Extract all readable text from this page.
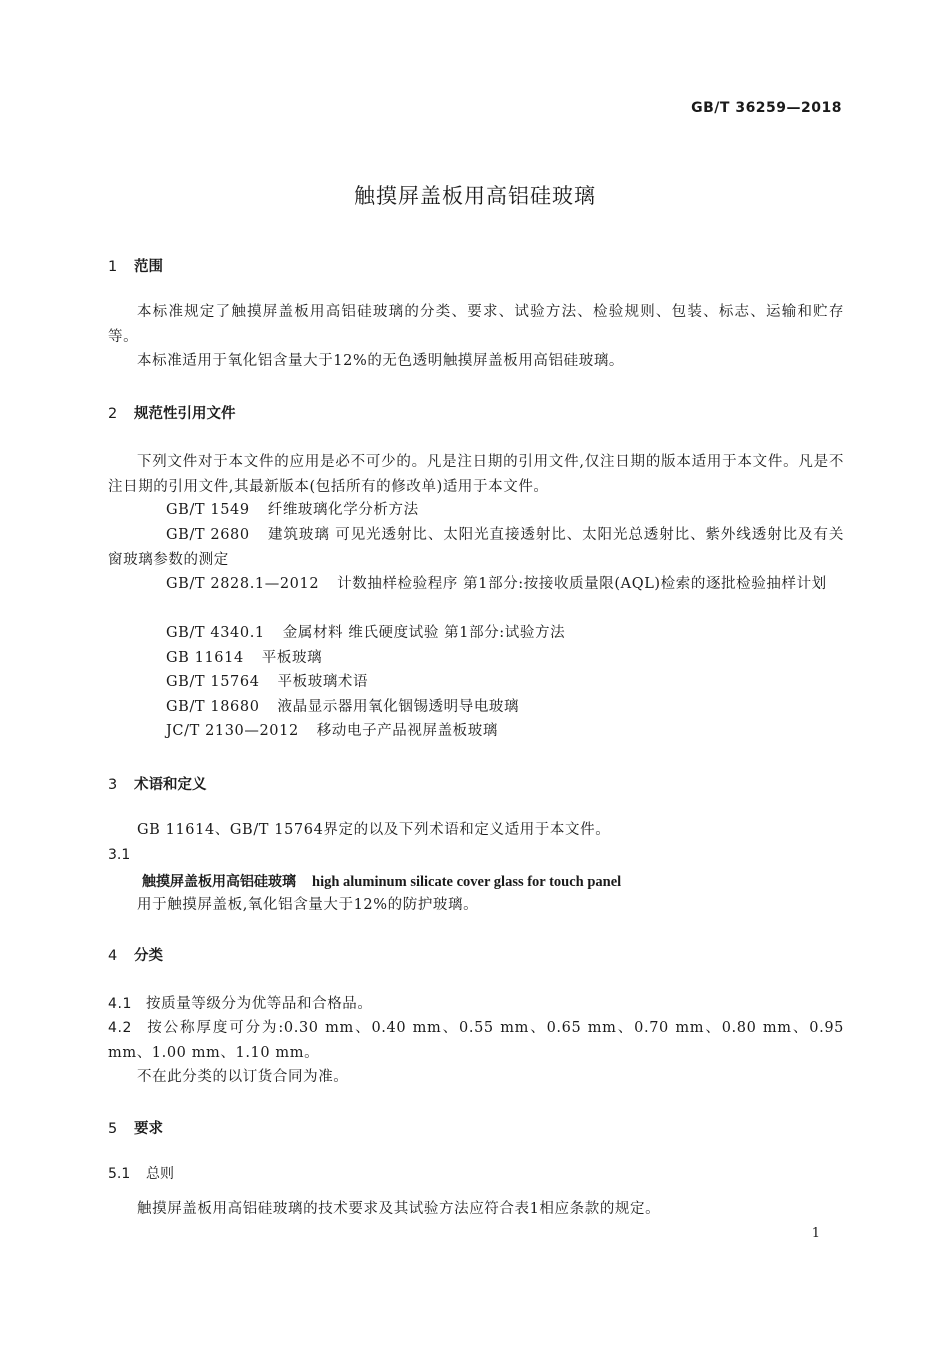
GB/T 36259—2018
触摸屏盖板用高铝硅玻璃
1 范围
本标准规定了触摸屏盖板用高铝硅玻璃的分类、要求、试验方法、检验规则、包装、标志、运输和贮存等。
本标准适用于氧化铝含量大于12%的无色透明触摸屏盖板用高铝硅玻璃。
2 规范性引用文件
下列文件对于本文件的应用是必不可少的。凡是注日期的引用文件,仅注日期的版本适用于本文件。凡是不注日期的引用文件,其最新版本(包括所有的修改单)适用于本文件。
GB/T 1549 纤维玻璃化学分析方法
GB/T 2680 建筑玻璃 可见光透射比、太阳光直接透射比、太阳光总透射比、紫外线透射比及有关窗玻璃参数的测定
GB/T 2828.1—2012 计数抽样检验程序 第1部分:按接收质量限(AQL)检索的逐批检验抽样计划
GB/T 4340.1 金属材料 维氏硬度试验 第1部分:试验方法
GB 11614 平板玻璃
GB/T 15764 平板玻璃术语
GB/T 18680 液晶显示器用氧化铟锡透明导电玻璃
JC/T 2130—2012 移动电子产品视屏盖板玻璃
3 术语和定义
GB 11614、GB/T 15764界定的以及下列术语和定义适用于本文件。
3.1
触摸屏盖板用高铝硅玻璃 high aluminum silicate cover glass for touch panel
用于触摸屏盖板,氧化铝含量大于12%的防护玻璃。
4 分类
4.1 按质量等级分为优等品和合格品。
4.2 按公称厚度可分为:0.30 mm、0.40 mm、0.55 mm、0.65 mm、0.70 mm、0.80 mm、0.95 mm、1.00 mm、1.10 mm。
不在此分类的以订货合同为准。
5 要求
5.1 总则
触摸屏盖板用高铝硅玻璃的技术要求及其试验方法应符合表1相应条款的规定。
1
